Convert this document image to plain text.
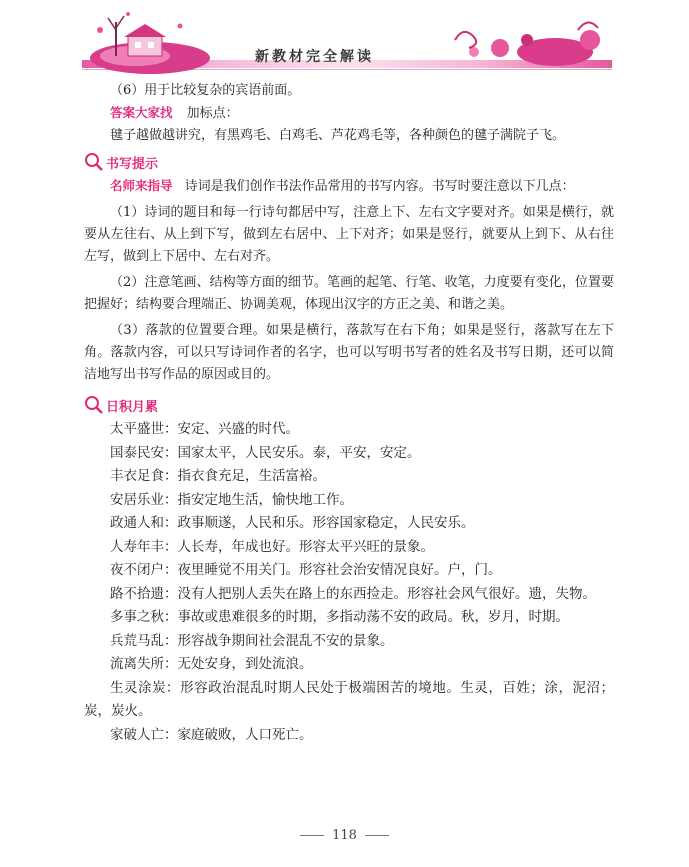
新教材完全解读

（6）用于比较复杂的宾语前面。

答案大家找 加标点：

毽子越做越讲究，有黑鸡毛、白鸡毛、芦花鸡毛等，各种颜色的毽子满院子飞。

书写提示

名师来指导 诗词是我们创作书法作品常用的书写内容。书写时要注意以下几点：

（1）诗词的题目和每一行诗句都居中写，注意上下、左右文字要对齐。如果是横行，就要从左往右、从上到下写，做到左右居中、上下对齐；如果是竖行，就要从上到下、从右往左写，做到上下居中、左右对齐。

（2）注意笔画、结构等方面的细节。笔画的起笔、行笔、收笔，力度要有变化，位置要把握好；结构要合理端正、协调美观，体现出汉字的方正之美、和谐之美。

（3）落款的位置要合理。如果是横行，落款写在右下角；如果是竖行，落款写在左下角。落款内容，可以只写诗词作者的名字，也可以写明书写者的姓名及书写日期，还可以简洁地写出书写作品的原因或目的。

日积月累

太平盛世：安定、兴盛的时代。

国泰民安：国家太平，人民安乐。泰，平安，安定。

丰衣足食：指衣食充足，生活富裕。

安居乐业：指安定地生活，愉快地工作。

政通人和：政事顺遂，人民和乐。形容国家稳定，人民安乐。

人寿年丰：人长寿，年成也好。形容太平兴旺的景象。

夜不闭户：夜里睡觉不用关门。形容社会治安情况良好。户，门。

路不拾遗：没有人把别人丢失在路上的东西捡走。形容社会风气很好。遗，失物。

多事之秋：事故或患难很多的时期，多指动荡不安的政局。秋，岁月，时期。

兵荒马乱：形容战争期间社会混乱不安的景象。

流离失所：无处安身，到处流浪。

生灵涂炭：形容政治混乱时期人民处于极端困苦的境地。生灵，百姓；涂，泥沼；炭，炭火。

家破人亡：家庭破败，人口死亡。

118
